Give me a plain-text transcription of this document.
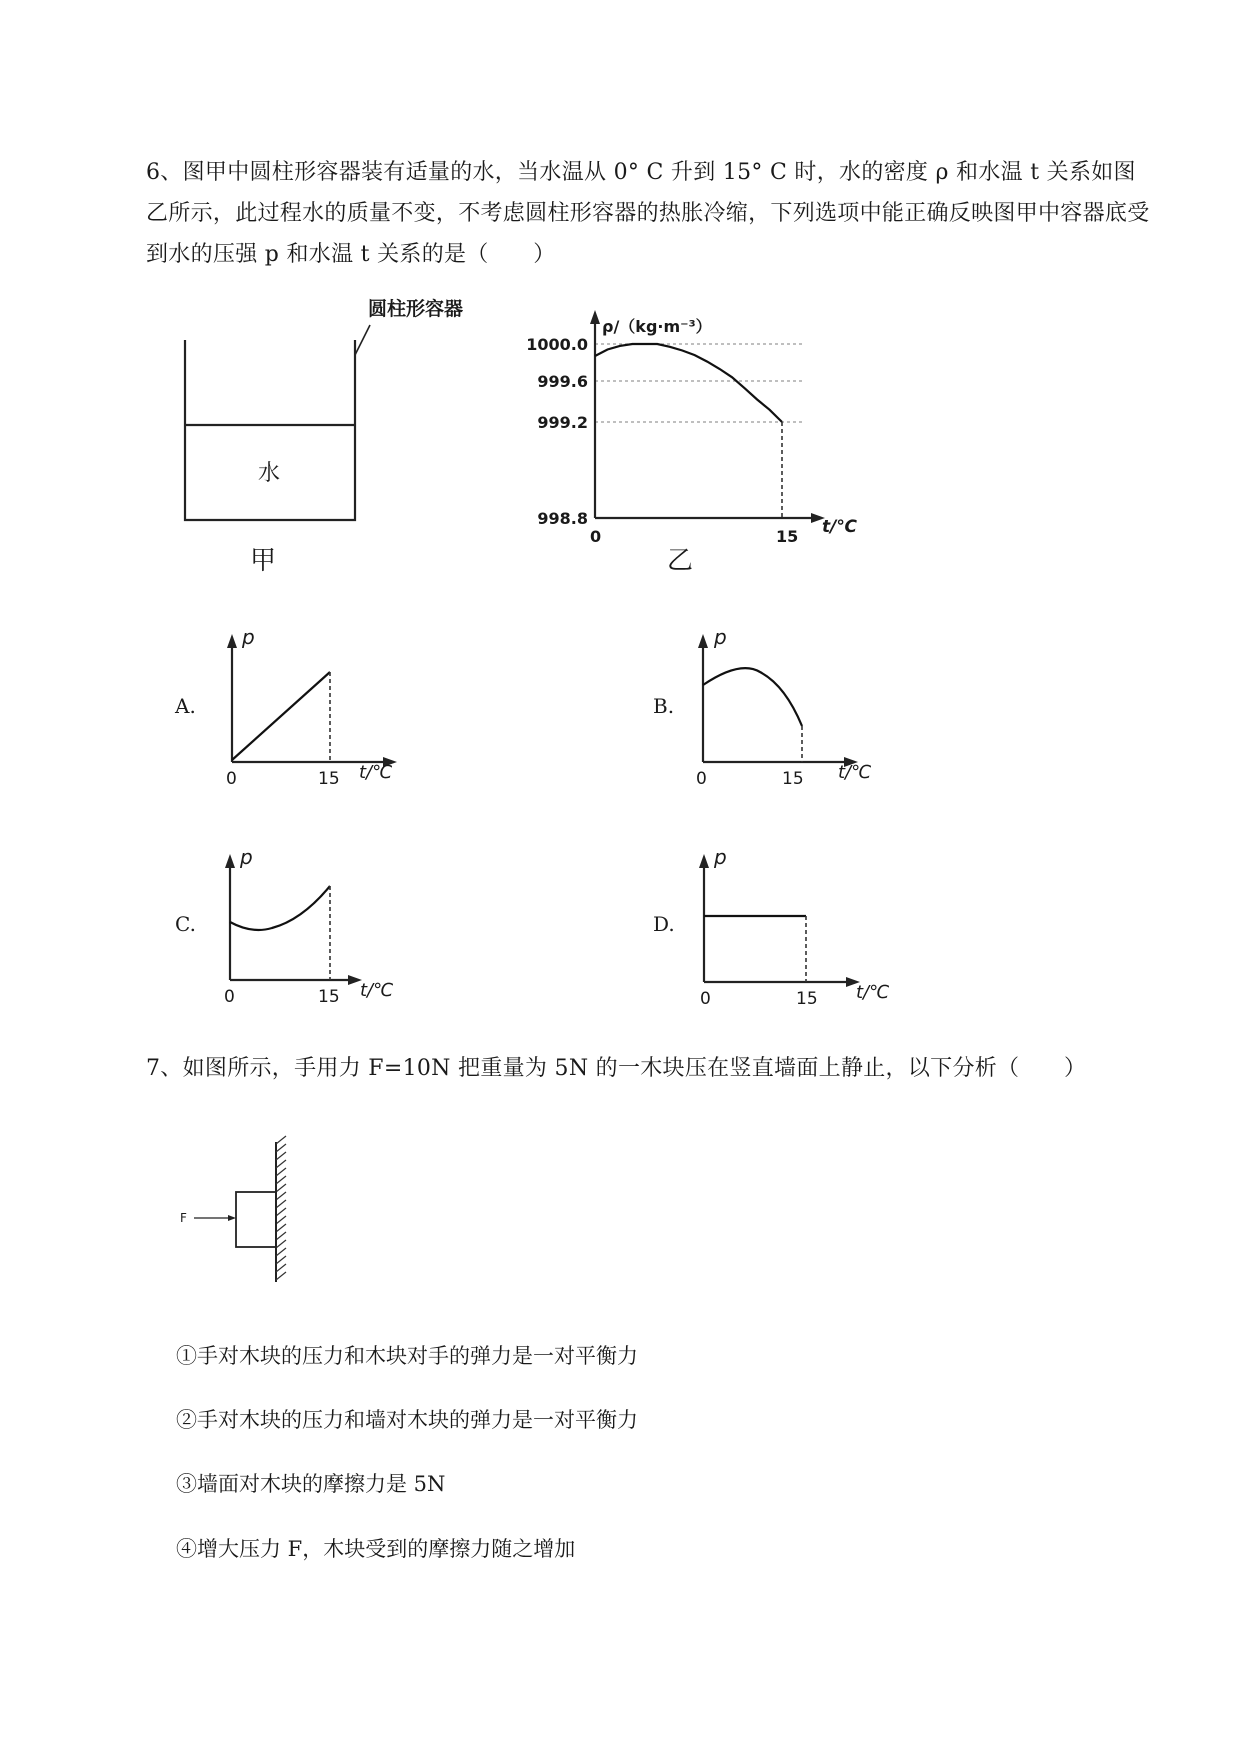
6、图甲中圆柱形容器装有适量的水，当水温从 0° C 升到 15° C 时，水的密度 ρ 和水温 t 关系如图乙所示，此过程水的质量不变，不考虑圆柱形容器的热胀冷缩，下列选项中能正确反映图甲中容器底受到水的压强 p 和水温 t 关系的是（　　）
圆柱形容器
水
甲
ρ/（kg·m⁻³）
t/℃
998.8
999.2
999.6
1000.0
0	15
乙
A.
p
t/℃
0	15
B.
p
t/℃
0	15
C.
p
t/℃
0	15
D.
p
t/℃
0	15
7、如图所示，手用力 F=10N 把重量为 5N 的一木块压在竖直墙面上静止，以下分析（　　）
F
①手对木块的压力和木块对手的弹力是一对平衡力
②手对木块的压力和墙对木块的弹力是一对平衡力
③墙面对木块的摩擦力是 5N
④增大压力 F，木块受到的摩擦力随之增加
